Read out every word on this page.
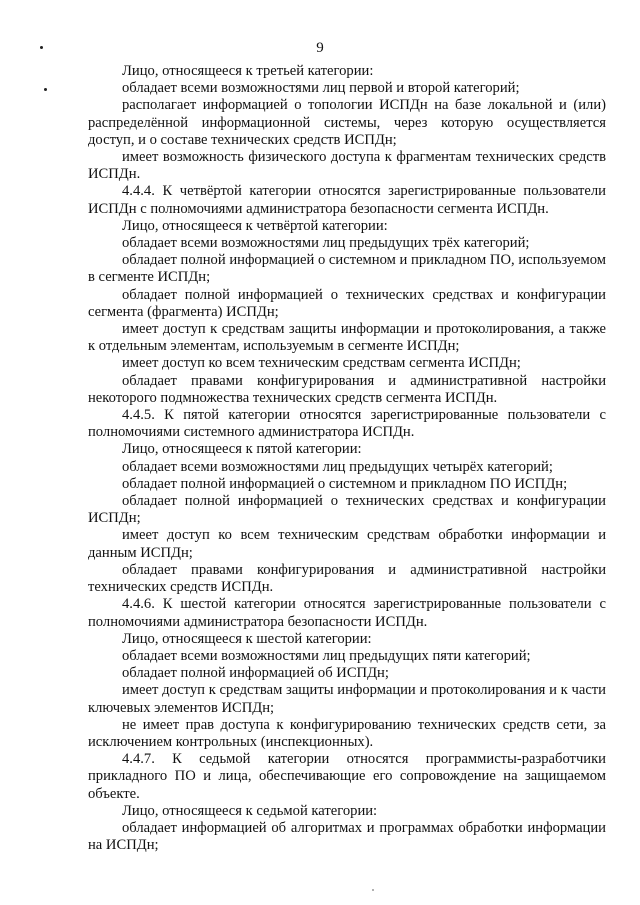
9

Лицо, относящееся к третьей категории:

обладает всеми возможностями лиц первой и второй категорий;

располагает информацией о топологии ИСПДн на базе локальной и (или) распределённой информационной системы, через которую осуществляется доступ, и о составе технических средств ИСПДн;

имеет возможность физического доступа к фрагментам технических средств ИСПДн.

4.4.4. К четвёртой категории относятся зарегистрированные пользователи ИСПДн с полномочиями администратора безопасности сегмента ИСПДн.

Лицо, относящееся к четвёртой категории:

обладает всеми возможностями лиц предыдущих трёх категорий;

обладает полной информацией о системном и прикладном ПО, используемом в сегменте ИСПДн;

обладает полной информацией о технических средствах и конфигурации сегмента (фрагмента) ИСПДн;

имеет доступ к средствам защиты информации и протоколирования, а также к отдельным элементам, используемым в сегменте ИСПДн;

имеет доступ ко всем техническим средствам сегмента ИСПДн;

обладает правами конфигурирования и административной настройки некоторого подмножества технических средств сегмента ИСПДн.

4.4.5. К пятой категории относятся зарегистрированные пользователи с полномочиями системного администратора ИСПДн.

Лицо, относящееся к пятой категории:

обладает всеми возможностями лиц предыдущих четырёх категорий;

обладает полной информацией о системном и прикладном ПО ИСПДн;

обладает полной информацией о технических средствах и конфигурации ИСПДн;

имеет доступ ко всем техническим средствам обработки информации и данным ИСПДн;

обладает правами конфигурирования и административной настройки технических средств ИСПДн.

4.4.6. К шестой категории относятся зарегистрированные пользователи с полномочиями администратора безопасности ИСПДн.

Лицо, относящееся к шестой категории:

обладает всеми возможностями лиц предыдущих пяти категорий;

обладает полной информацией об ИСПДн;

имеет доступ к средствам защиты информации и протоколирования и к части ключевых элементов ИСПДн;

не имеет прав доступа к конфигурированию технических средств сети, за исключением контрольных (инспекционных).

4.4.7. К седьмой категории относятся программисты-разработчики прикладного ПО и лица, обеспечивающие его сопровождение на защищаемом объекте.

Лицо, относящееся к седьмой категории:

обладает информацией об алгоритмах и программах обработки информации на ИСПДн;
